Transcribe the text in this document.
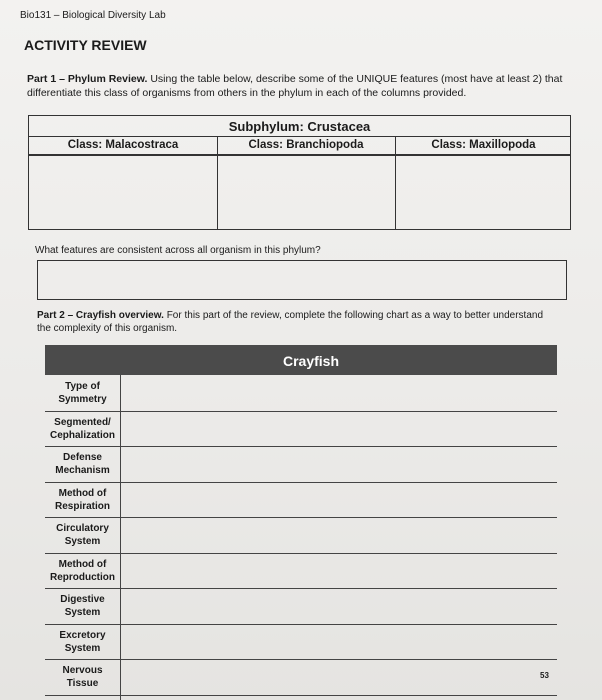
Bio131 – Biological Diversity Lab
ACTIVITY REVIEW
Part 1 – Phylum Review. Using the table below, describe some of the UNIQUE features (most have at least 2) that differentiate this class of organisms from others in the phylum in each of the columns provided.
Subphylum: Crustacea
Class: Malacostraca	Class: Branchiopoda	Class: Maxillopoda
What features are consistent across all organism in this phylum?
Part 2 – Crayfish overview. For this part of the review, complete the following chart as a way to better understand the complexity of this organism.
Crayfish
Type of
Symmetry
Segmented/
Cephalization
Defense
Mechanism
Method of
Respiration
Circulatory
System
Method of
Reproduction
Digestive
System
Excretory
System
Nervous
Tissue
53
